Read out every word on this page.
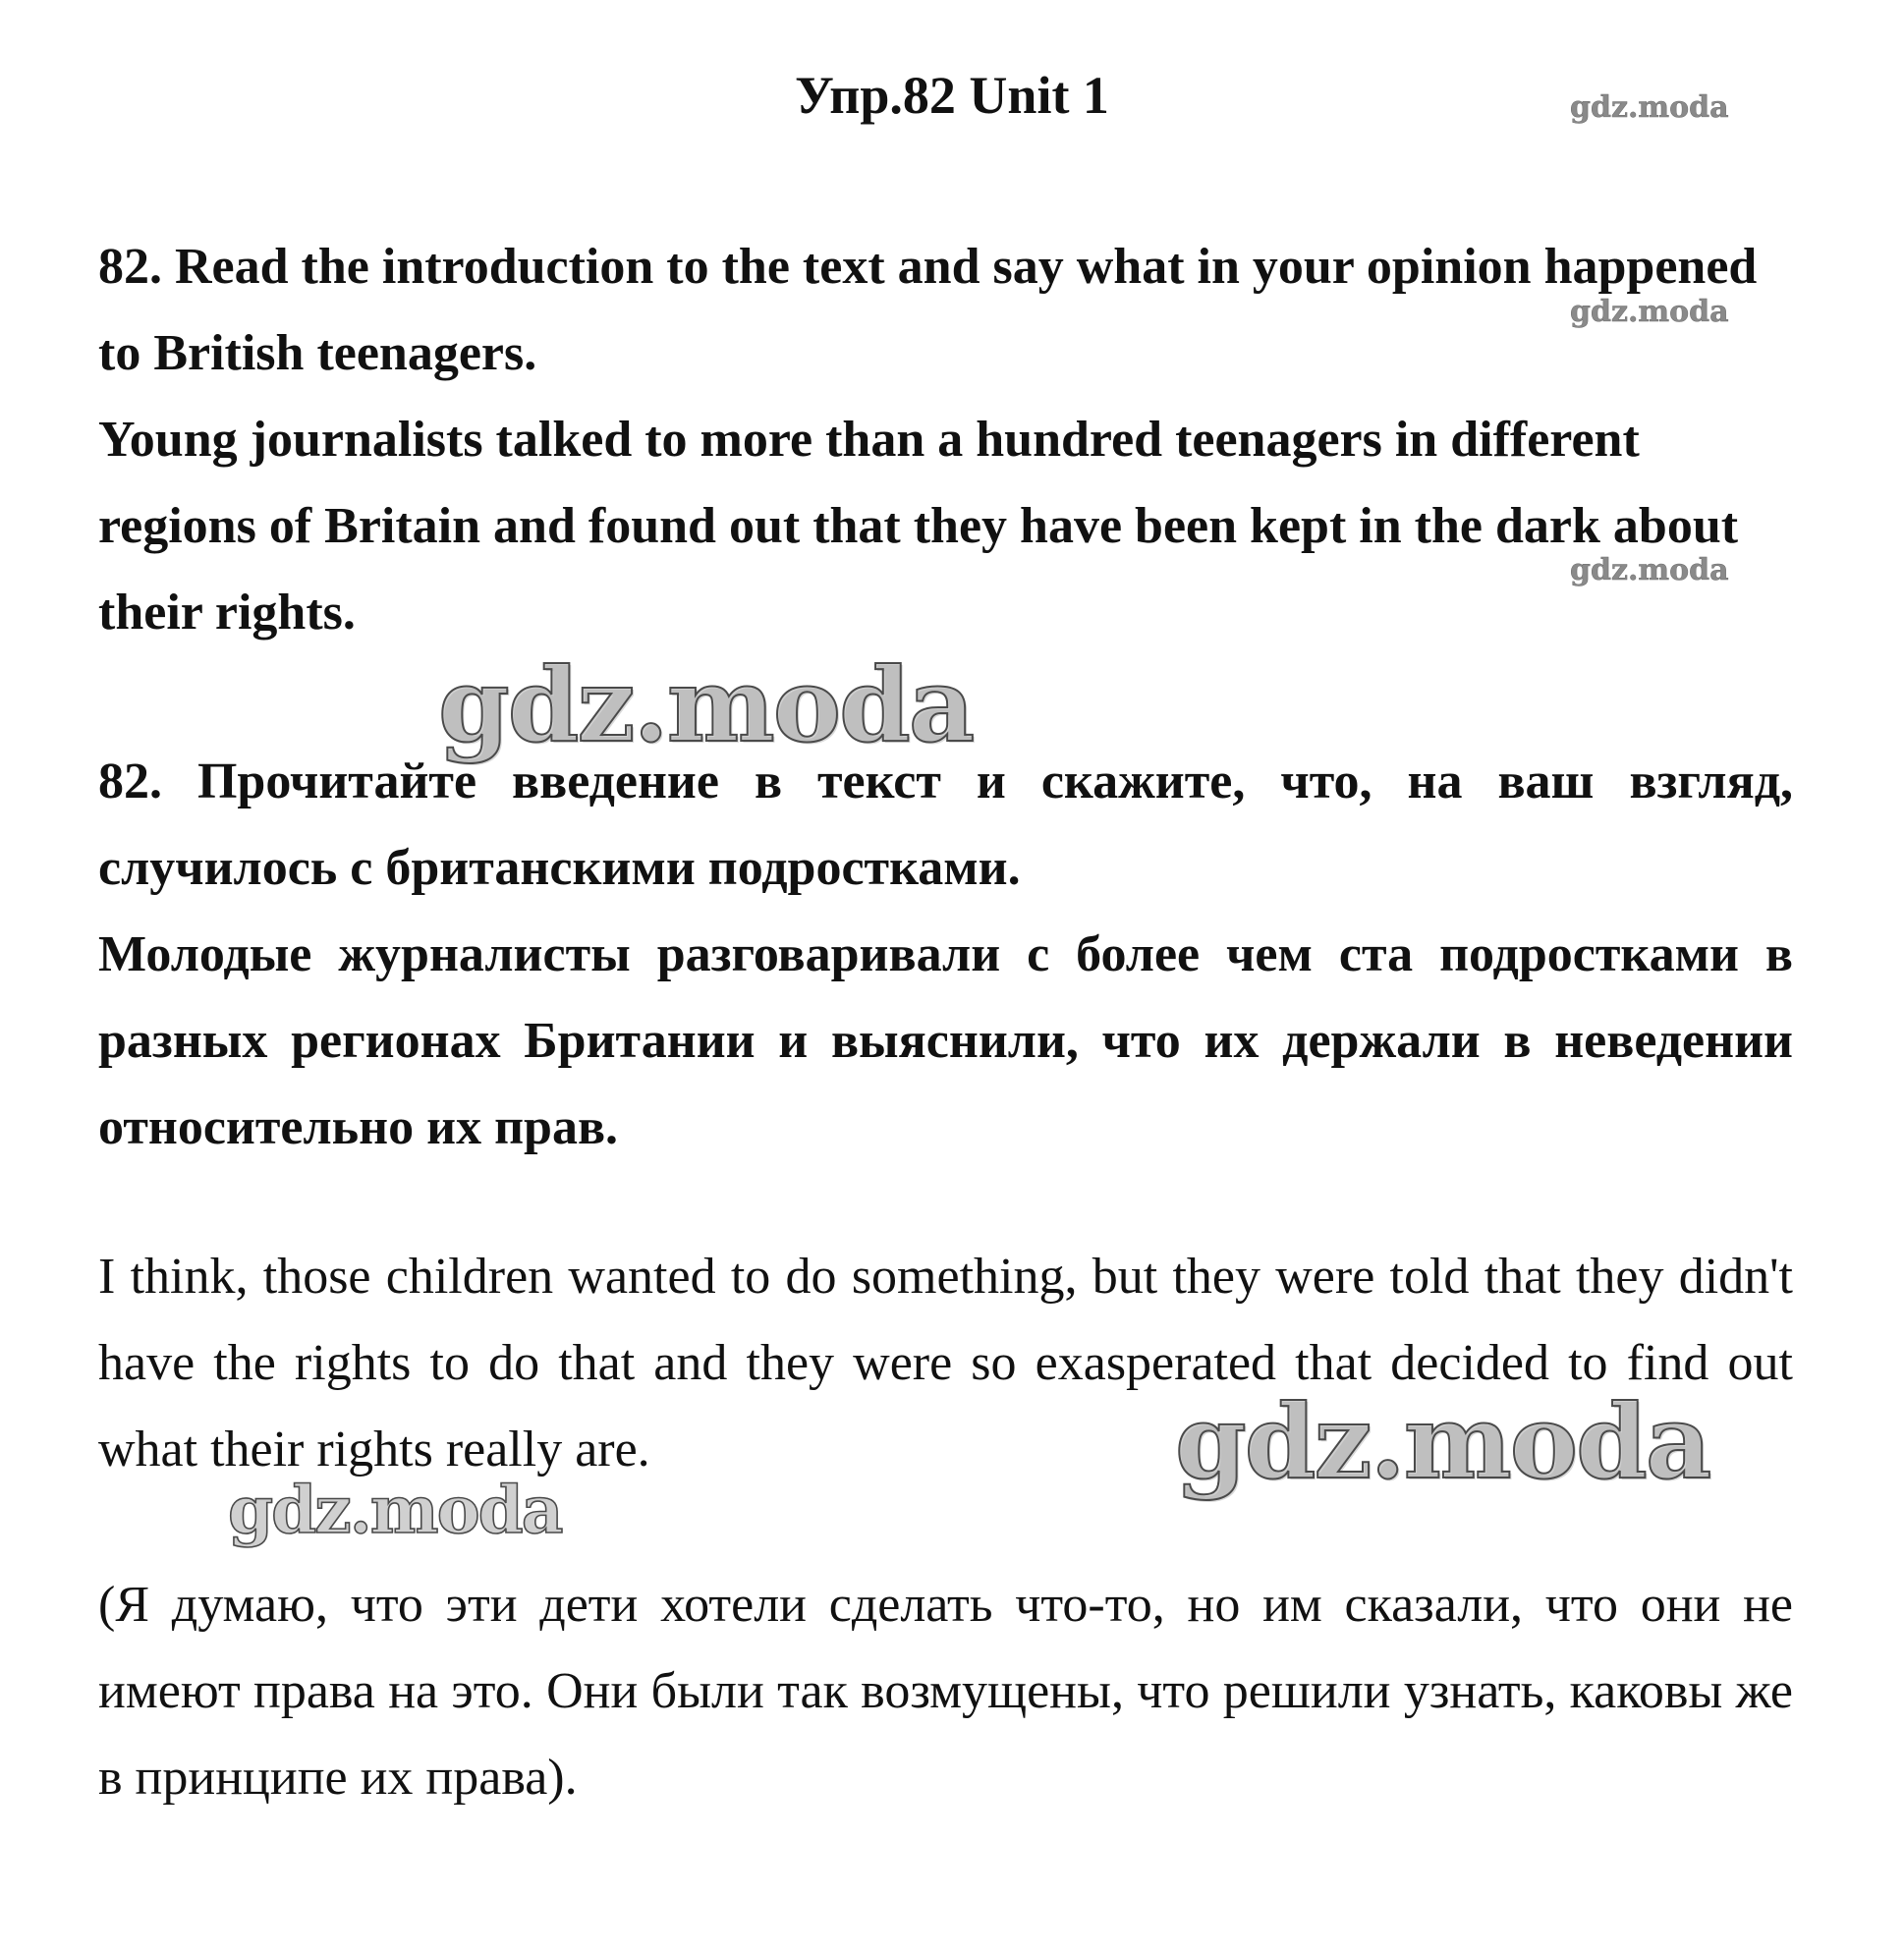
Упр.82 Unit 1

82. Read the introduction to the text and say what in your opinion happened to British teenagers.

Young journalists talked to more than a hundred teenagers in different regions of Britain and found out that they have been kept in the dark about their rights.

82. Прочитайте введение в текст и скажите, что, на ваш взгляд, случилось с британскими подростками.

Молодые журналисты разговаривали с более чем ста подростками в разных регионах Британии и выяснили, что их держали в неведении относительно их прав.

I think, those children wanted to do something, but they were told that they didn't have the rights to do that and they were so exasperated that decided to find out what their rights really are.

(Я думаю, что эти дети хотели сделать что-то, но им сказали, что они не имеют права на это. Они были так возмущены, что решили узнать, каковы же в принципе их права).

gdz.moda
gdz.moda
gdz.moda
gdz.moda
gdz.moda
gdz.moda
